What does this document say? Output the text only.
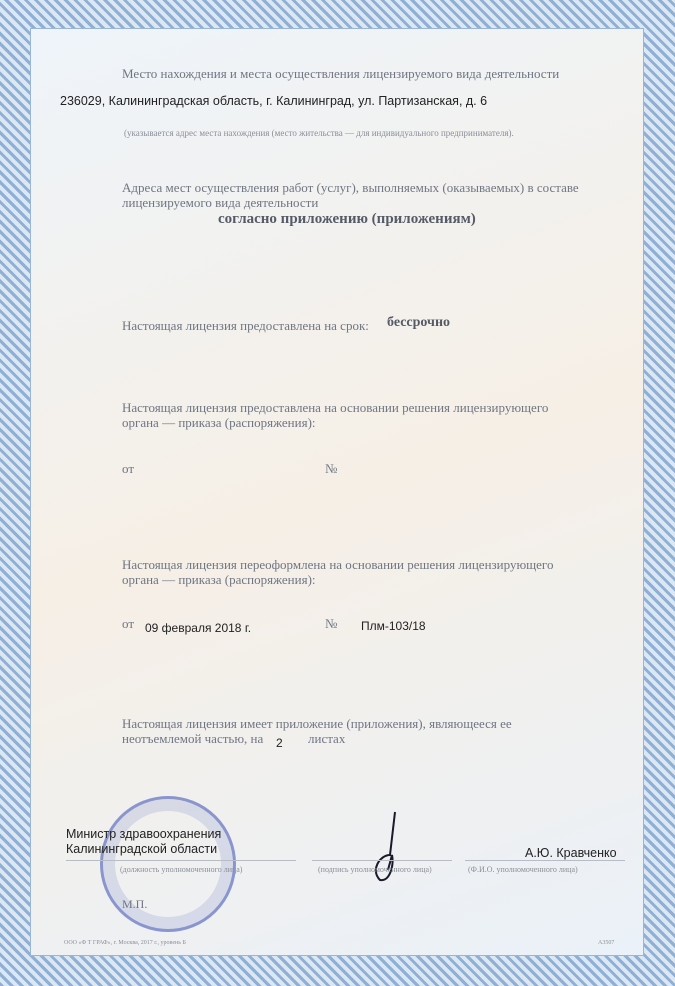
Место нахождения и места осуществления лицензируемого вида деятельности
236029, Калининградская область, г. Калининград, ул. Партизанская, д. 6
(указывается адрес места нахождения (место жительства — для индивидуального предпринимателя).
Адреса мест осуществления работ (услуг), выполняемых (оказываемых) в составе
лицензируемого вида деятельности
согласно приложению (приложениям)
Настоящая лицензия предоставлена на срок: бессрочно
Настоящая лицензия предоставлена на основании решения лицензирующего
органа — приказа (распоряжения):
от	№
Настоящая лицензия переоформлена на основании решения лицензирующего
органа — приказа (распоряжения):
от 09 февраля 2018 г.	№ Плм-103/18
Настоящая лицензия имеет приложение (приложения), являющееся ее
неотъемлемой частью, на 2 листах
Министр здравоохранения
Калининградской области	А.Ю. Кравченко
(должность уполномоченного лица)	(подпись уполномоченного лица)	(Ф.И.О. уполномоченного лица)
М.П.
ООО «Ф Т ГРАФ», г. Москва, 2017 г., уровень Б	А3507
